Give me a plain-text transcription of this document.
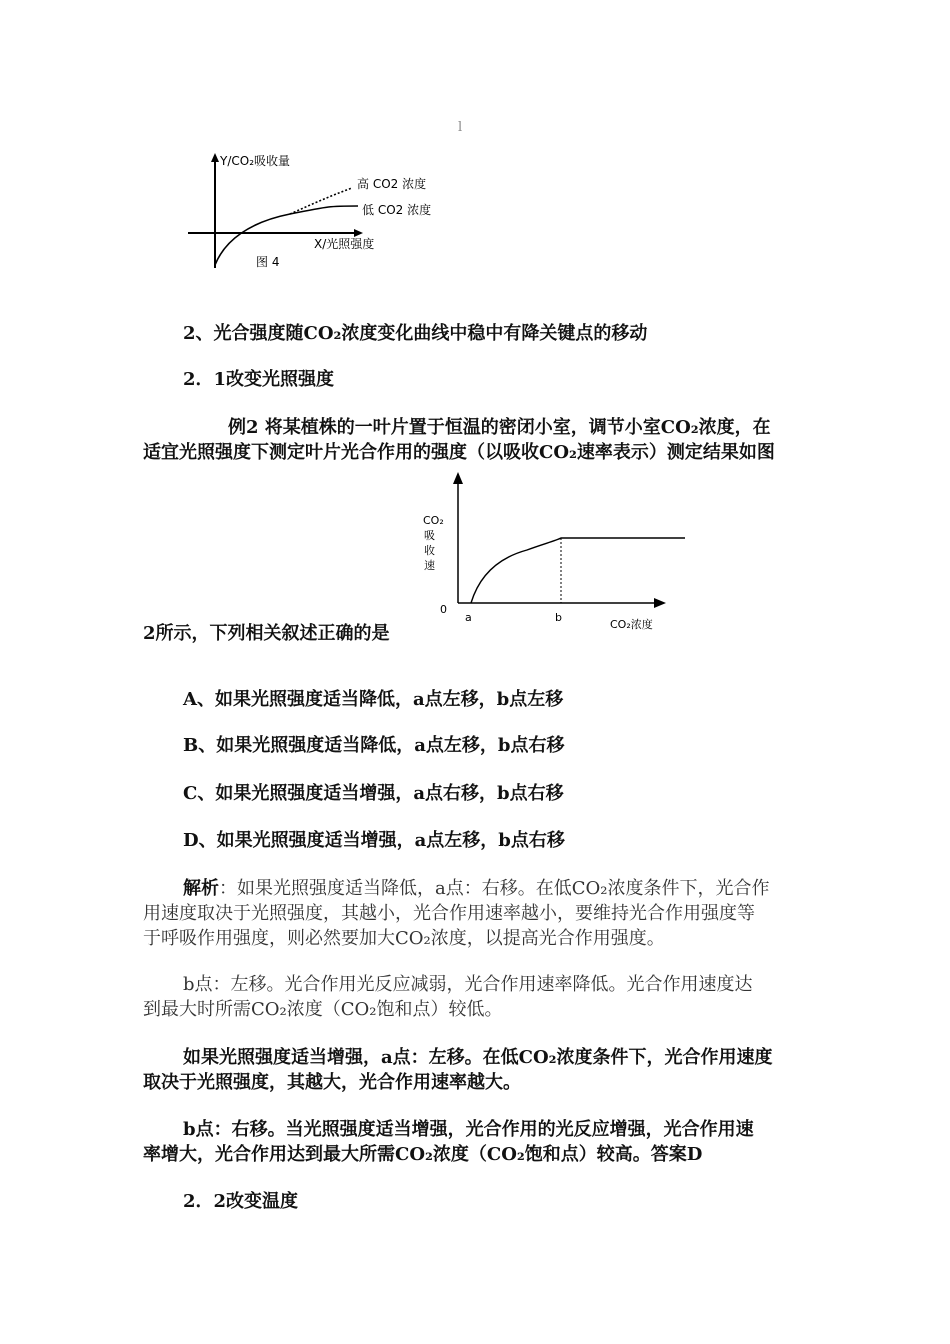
l
Y/CO₂吸收量
高 CO2 浓度
低 CO2 浓度
X/光照强度
图 4
2、光合强度随CO₂浓度变化曲线中稳中有降关键点的移动
2．1改变光照强度
例2 将某植株的一叶片置于恒温的密闭小室，调节小室CO₂浓度，在
适宜光照强度下测定叶片光合作用的强度（以吸收CO₂速率表示）测定结果如图
CO₂
吸
收
速
0
a	b
CO₂浓度
2所示，下列相关叙述正确的是
A、如果光照强度适当降低，a点左移，b点左移
B、如果光照强度适当降低，a点左移，b点右移
C、如果光照强度适当增强，a点右移，b点右移
D、如果光照强度适当增强，a点左移，b点右移
解析：如果光照强度适当降低，a点：右移。在低CO₂浓度条件下，光合作
用速度取决于光照强度，其越小，光合作用速率越小，要维持光合作用强度等
于呼吸作用强度，则必然要加大CO₂浓度，以提高光合作用强度。
b点：左移。光合作用光反应减弱，光合作用速率降低。光合作用速度达
到最大时所需CO₂浓度（CO₂饱和点）较低。
如果光照强度适当增强，a点：左移。在低CO₂浓度条件下，光合作用速度
取决于光照强度，其越大，光合作用速率越大。
b点：右移。当光照强度适当增强，光合作用的光反应增强，光合作用速
率增大，光合作用达到最大所需CO₂浓度（CO₂饱和点）较高。答案D
2．2改变温度
